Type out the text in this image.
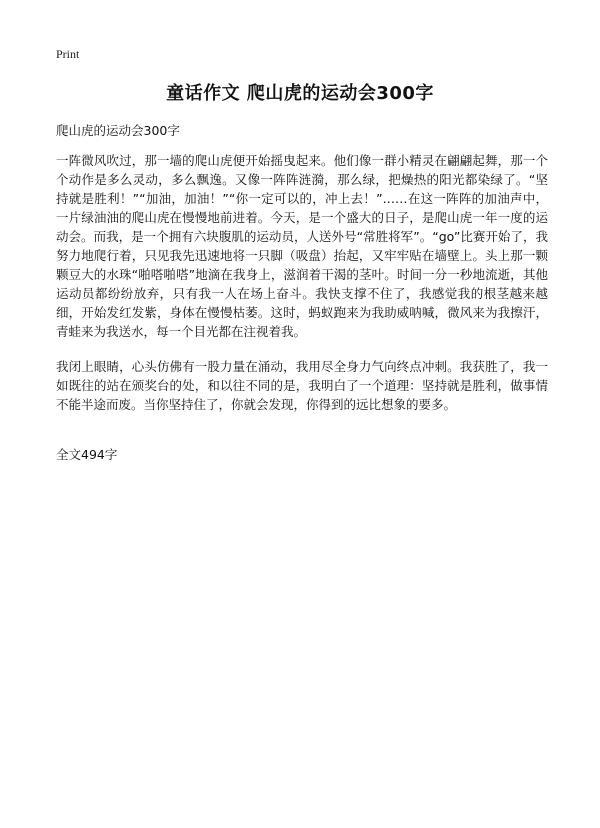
Print
童话作文 爬山虎的运动会300字

爬山虎的运动会300字

一阵微风吹过，那一墙的爬山虎便开始摇曳起来。他们像一群小精灵在翩翩起舞，那一个个动作是多么灵动，多么飘逸。又像一阵阵涟漪，那么绿，把燥热的阳光都染绿了。“坚持就是胜利！”“加油，加油！”“你一定可以的，冲上去！”……在这一阵阵的加油声中，一片绿油油的爬山虎在慢慢地前进着。今天，是一个盛大的日子，是爬山虎一年一度的运动会。而我，是一个拥有六块腹肌的运动员，人送外号“常胜将军”。“go”比赛开始了，我努力地爬行着，只见我先迅速地将一只脚（吸盘）抬起，又牢牢贴在墙壁上。头上那一颗颗豆大的水珠“啪嗒啪嗒”地滴在我身上，滋润着干渴的茎叶。时间一分一秒地流逝，其他运动员都纷纷放弃，只有我一人在场上奋斗。我快支撑不住了，我感觉我的根茎越来越细，开始发红发紫，身体在慢慢枯萎。这时，蚂蚁跑来为我助威呐喊，微风来为我擦汗，青蛙来为我送水，每一个目光都在注视着我。

我闭上眼睛，心头仿佛有一股力量在涌动，我用尽全身力气向终点冲刺。我获胜了，我一如既往的站在颁奖台的处，和以往不同的是，我明白了一个道理：坚持就是胜利，做事情不能半途而废。当你坚持住了，你就会发现，你得到的远比想象的要多。

全文494字
